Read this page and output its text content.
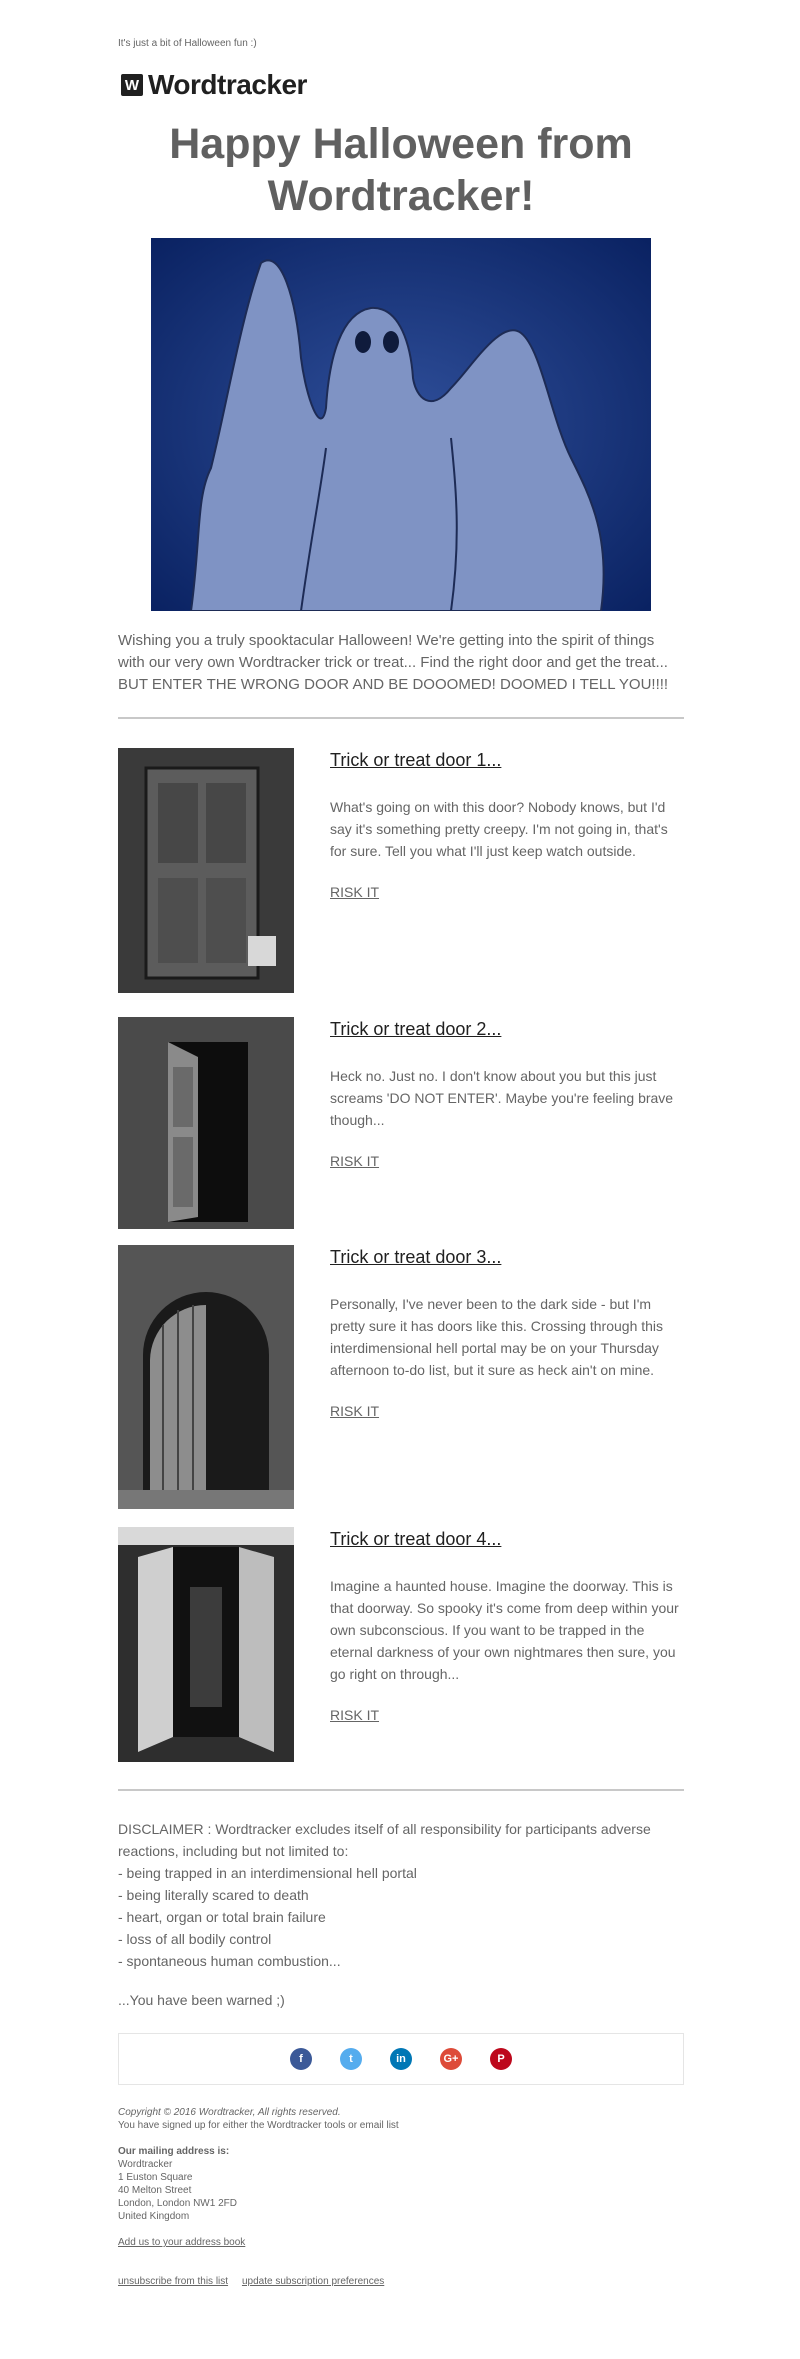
It's just a bit of Halloween fun :)
W Wordtracker
Happy Halloween from Wordtracker!
Wishing you a truly spooktacular Halloween! We're getting into the spirit of things with our very own Wordtracker trick or treat... Find the right door and get the treat... BUT ENTER THE WRONG DOOR AND BE DOOOMED! DOOMED I TELL YOU!!!!
Trick or treat door 1...

What's going on with this door? Nobody knows, but I'd say it's something pretty creepy. I'm not going in, that's for sure. Tell you what I'll just keep watch outside.

RISK IT
Trick or treat door 2...

Heck no. Just no. I don't know about you but this just screams 'DO NOT ENTER'. Maybe you're feeling brave though...

RISK IT
Trick or treat door 3...

Personally, I've never been to the dark side - but I'm pretty sure it has doors like this. Crossing through this interdimensional hell portal may be on your Thursday afternoon to-do list, but it sure as heck ain't on mine.

RISK IT
Trick or treat door 4...

Imagine a haunted house. Imagine the doorway. This is that doorway. So spooky it's come from deep within your own subconscious. If you want to be trapped in the eternal darkness of your own nightmares then sure, you go right on through...

RISK IT
DISCLAIMER : Wordtracker excludes itself of all responsibility for participants adverse reactions, including but not limited to:
- being trapped in an interdimensional hell portal
- being literally scared to death
- heart, organ or total brain failure
- loss of all bodily control
- spontaneous human combustion...
...You have been warned ;)
f	t	in	G+	P
Copyright © 2016 Wordtracker, All rights reserved.
You have signed up for either the Wordtracker tools or email list
Our mailing address is:
Wordtracker
1 Euston Square
40 Melton Street
London, London NW1 2FD
United Kingdom
Add us to your address book
unsubscribe from this list update subscription preferences
